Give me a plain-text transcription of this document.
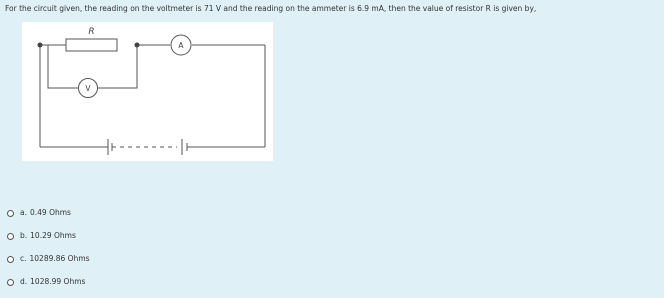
For the circuit given, the reading on the voltmeter is 71 V and the reading on the ammeter is 6.9 mA, then the value of resistor R is given by,
R
A
V
a. 0.49 Ohms
b. 10.29 Ohms
c. 10289.86 Ohms
d. 1028.99 Ohms
